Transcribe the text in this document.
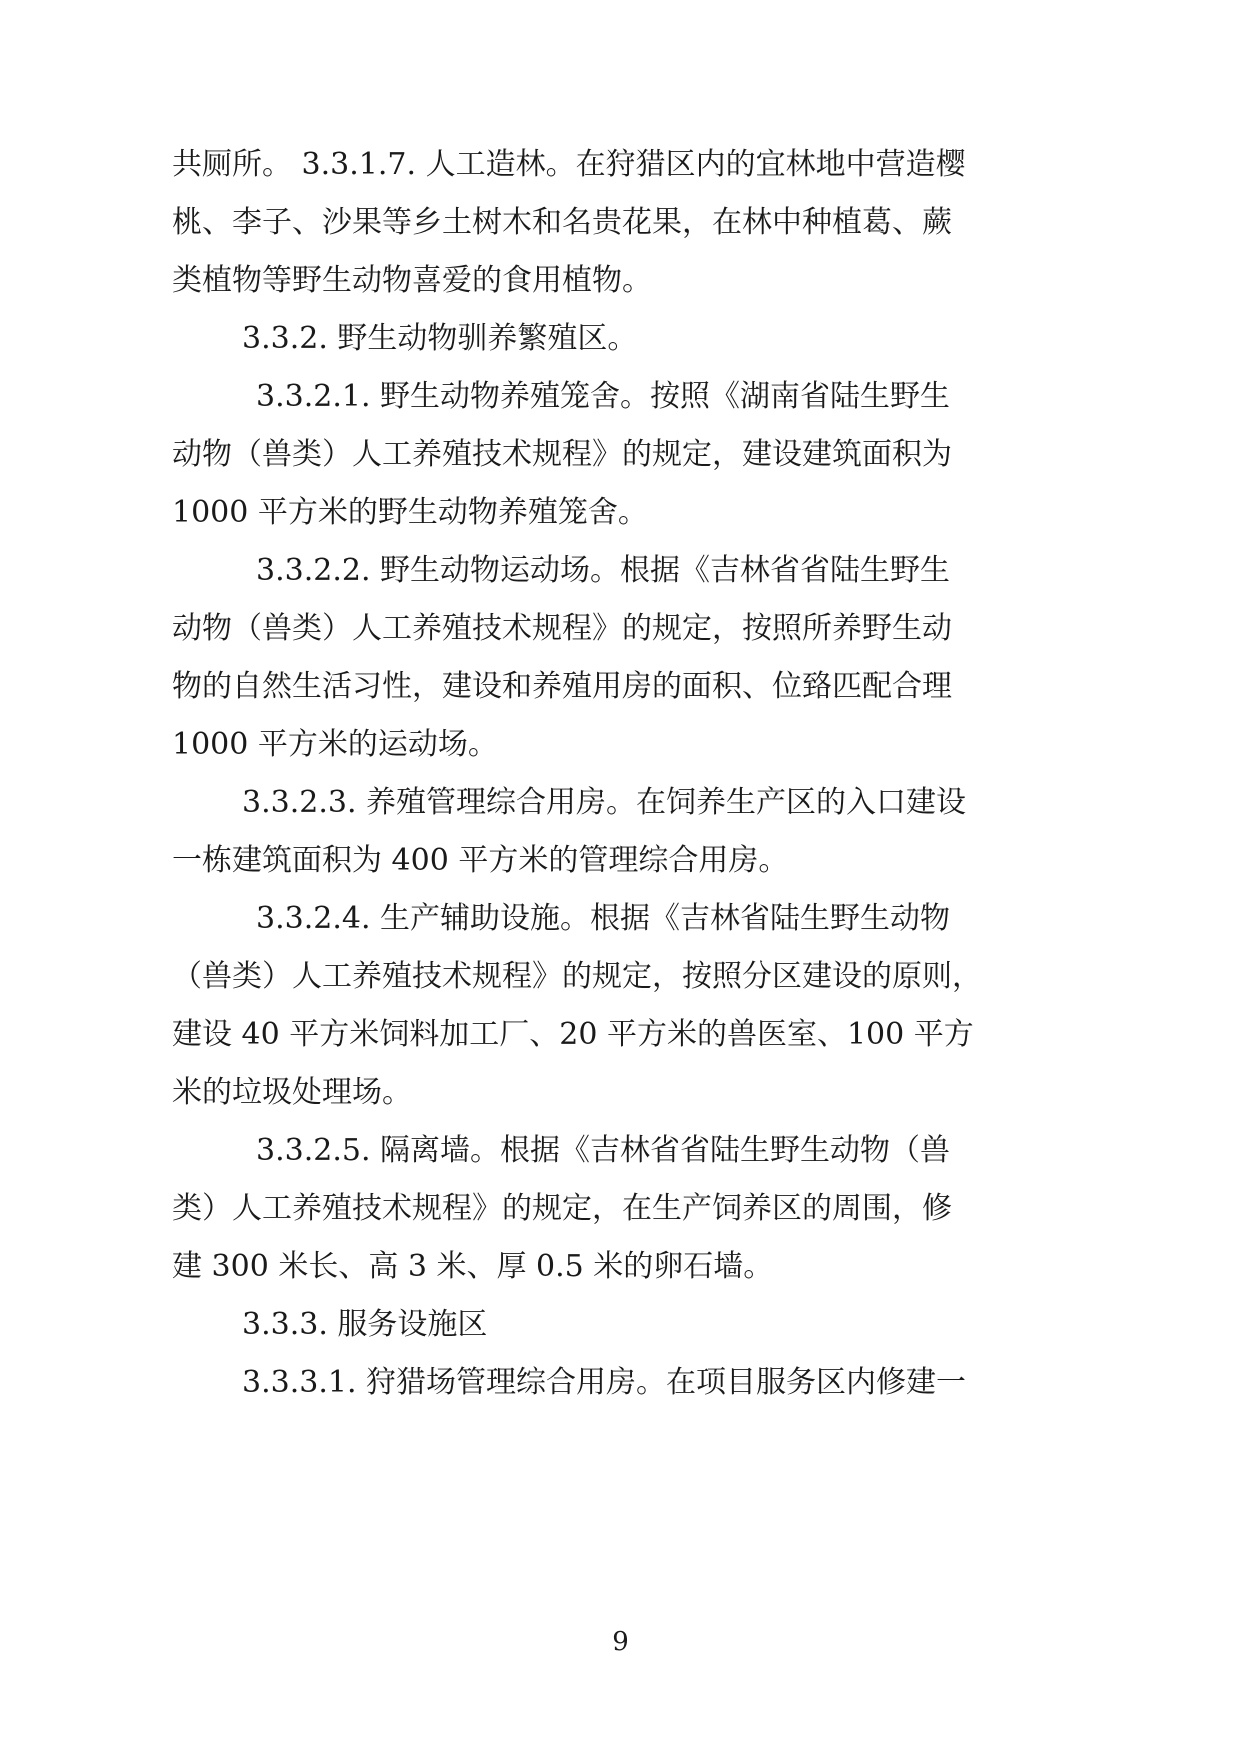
共厕所。 3.3.1.7. 人工造林。在狩猎区内的宜林地中营造樱
桃、李子、沙果等乡土树木和名贵花果，在林中种植葛、蕨
类植物等野生动物喜爱的食用植物。
3.3.2. 野生动物驯养繁殖区。
3.3.2.1. 野生动物养殖笼舍。按照《湖南省陆生野生
动物（兽类）人工养殖技术规程》的规定，建设建筑面积为
1000 平方米的野生动物养殖笼舍。
3.3.2.2. 野生动物运动场。根据《吉林省省陆生野生
动物（兽类）人工养殖技术规程》的规定，按照所养野生动
物的自然生活习性，建设和养殖用房的面积、位臵匹配合理
1000 平方米的运动场。
3.3.2.3. 养殖管理综合用房。在饲养生产区的入口建设
一栋建筑面积为 400 平方米的管理综合用房。
3.3.2.4. 生产辅助设施。根据《吉林省陆生野生动物
（兽类）人工养殖技术规程》的规定，按照分区建设的原则，
建设 40 平方米饲料加工厂、20 平方米的兽医室、100 平方
米的垃圾处理场。
3.3.2.5. 隔离墙。根据《吉林省省陆生野生动物（兽
类）人工养殖技术规程》的规定，在生产饲养区的周围，修
建 300 米长、高 3 米、厚 0.5 米的卵石墙。
3.3.3. 服务设施区
3.3.3.1. 狩猎场管理综合用房。在项目服务区内修建一
9
